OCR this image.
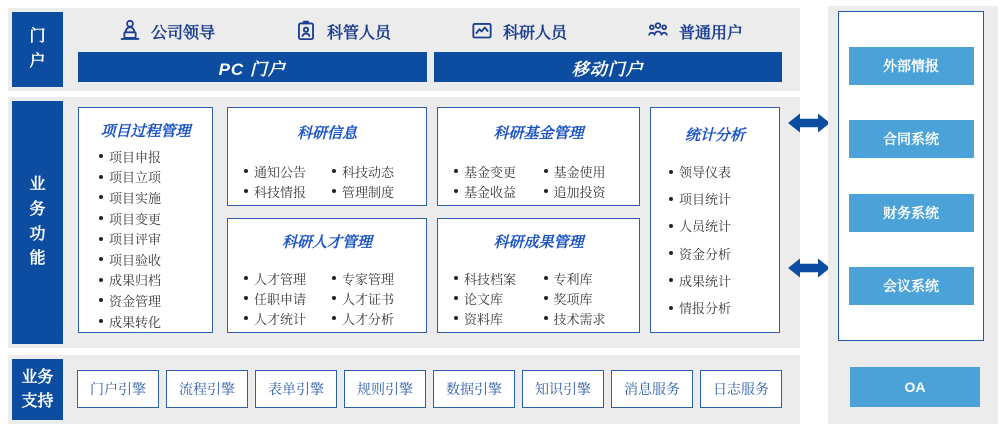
门户
公司领导	科管人员	科研人员	普通用户
PC 门户	移动门户
业务功能
项目过程管理
项目申报
项目立项
项目实施
项目变更
项目评审
项目验收
成果归档
资金管理
成果转化
科研信息
通知公告	科技动态
科技情报	管理制度
科研人才管理
人才管理	专家管理
任职申请	人才证书
人才统计	人才分析
科研基金管理
基金变更	基金使用
基金收益	追加投资
科研成果管理
科技档案	专利库
论文库	奖项库
资料库	技术需求
统计分析
领导仪表
项目统计
人员统计
资金分析
成果统计
情报分析
业务支持
门户引擎	流程引擎	表单引擎	规则引擎	数据引擎	知识引擎	消息服务	日志服务
外部情报
合同系统
财务系统
会议系统
OA
